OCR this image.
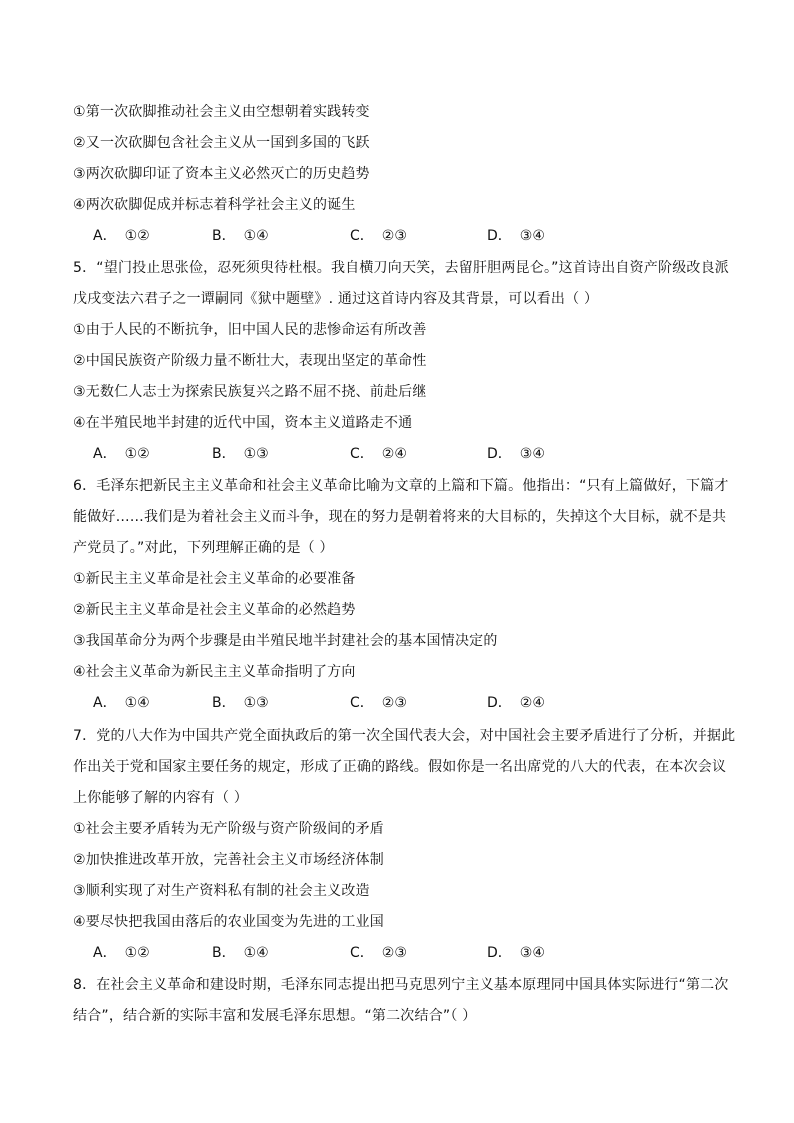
①第一次砍脚推动社会主义由空想朝着实践转变
②又一次砍脚包含社会主义从一国到多国的飞跃
③两次砍脚印证了资本主义必然灭亡的历史趋势
④两次砍脚促成并标志着科学社会主义的诞生
A． ①②	B． ①④	C． ②③	D． ③④
5．“望门投止思张俭，忍死须臾待杜根。我自横刀向天笑，去留肝胆两昆仑。”这首诗出自资产阶级改良派
戊戌变法六君子之一谭嗣同《狱中题壁》. 通过这首诗内容及其背景，可以看出（ ）
①由于人民的不断抗争，旧中国人民的悲惨命运有所改善
②中国民族资产阶级力量不断壮大，表现出坚定的革命性
③无数仁人志士为探索民族复兴之路不屈不挠、前赴后继
④在半殖民地半封建的近代中国，资本主义道路走不通
A． ①②	B． ①③	C． ②④	D． ③④
6．毛泽东把新民主主义革命和社会主义革命比喻为文章的上篇和下篇。他指出：“只有上篇做好，下篇才
能做好……我们是为着社会主义而斗争，现在的努力是朝着将来的大目标的，失掉这个大目标，就不是共
产党员了。”对此，下列理解正确的是（ ）
①新民主主义革命是社会主义革命的必要准备
②新民主主义革命是社会主义革命的必然趋势
③我国革命分为两个步骤是由半殖民地半封建社会的基本国情决定的
④社会主义革命为新民主主义革命指明了方向
A． ①④	B． ①③	C． ②③	D． ②④
7．党的八大作为中国共产党全面执政后的第一次全国代表大会，对中国社会主要矛盾进行了分析，并据此
作出关于党和国家主要任务的规定，形成了正确的路线。假如你是一名出席党的八大的代表，在本次会议
上你能够了解的内容有（ ）
①社会主要矛盾转为无产阶级与资产阶级间的矛盾
②加快推进改革开放，完善社会主义市场经济体制
③顺利实现了对生产资料私有制的社会主义改造
④要尽快把我国由落后的农业国变为先进的工业国
A． ①②	B． ①④	C． ②③	D． ③④
8．在社会主义革命和建设时期，毛泽东同志提出把马克思列宁主义基本原理同中国具体实际进行“第二次
结合”，结合新的实际丰富和发展毛泽东思想。“第二次结合”（ ）
